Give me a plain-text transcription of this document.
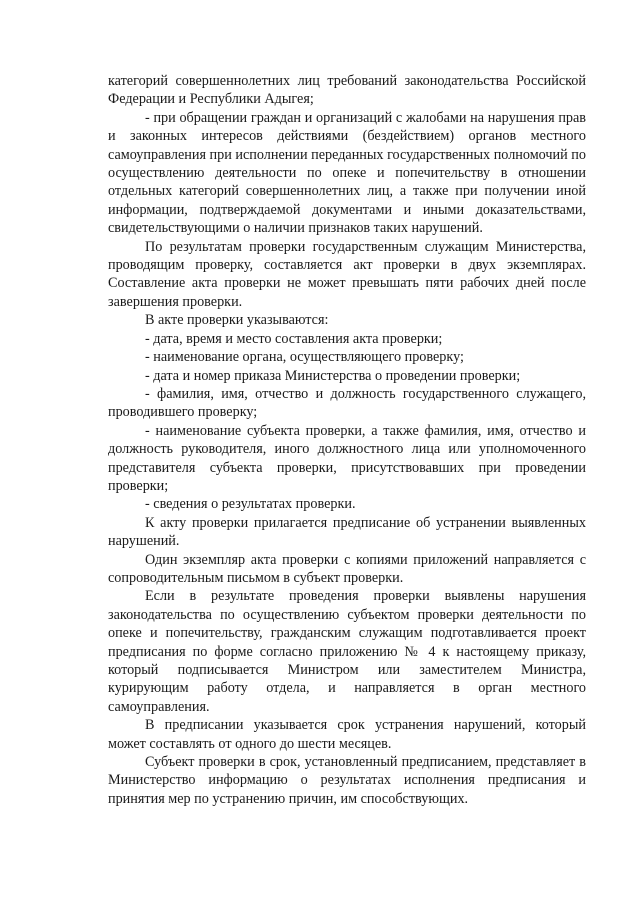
категорий совершеннолетних лиц требований законодательства Российской Федерации и Республики Адыгея;

- при обращении граждан и организаций с жалобами на нарушения прав и законных интересов действиями (бездействием) органов местного самоуправления при исполнении переданных государственных полномочий по осуществлению деятельности по опеке и попечительству в отношении отдельных категорий совершеннолетних лиц, а также при получении иной информации, подтверждаемой документами и иными доказательствами, свидетельствующими о наличии признаков таких нарушений.

По результатам проверки государственным служащим Министерства, проводящим проверку, составляется акт проверки в двух экземплярах. Составление акта проверки не может превышать пяти рабочих дней после завершения проверки.

В акте проверки указываются:

- дата, время и место составления акта проверки;

- наименование органа, осуществляющего проверку;

- дата и номер приказа Министерства о проведении проверки;

- фамилия, имя, отчество и должность государственного служащего, проводившего проверку;

- наименование субъекта проверки, а также фамилия, имя, отчество и должность руководителя, иного должностного лица или уполномоченного представителя субъекта проверки, присутствовавших при проведении проверки;

- сведения о результатах проверки.

К акту проверки прилагается предписание об устранении выявленных нарушений.

Один экземпляр акта проверки с копиями приложений направляется с сопроводительным письмом в субъект проверки.

Если в результате проведения проверки выявлены нарушения законодательства по осуществлению субъектом проверки деятельности по опеке и попечительству, гражданским служащим подготавливается проект предписания по форме согласно приложению № 4 к настоящему приказу, который подписывается Министром или заместителем Министра, курирующим работу отдела, и направляется в орган местного самоуправления.

В предписании указывается срок устранения нарушений, который может составлять от одного до шести месяцев.

Субъект проверки в срок, установленный предписанием, представляет в Министерство информацию о результатах исполнения предписания и принятия мер по устранению причин, им способствующих.
